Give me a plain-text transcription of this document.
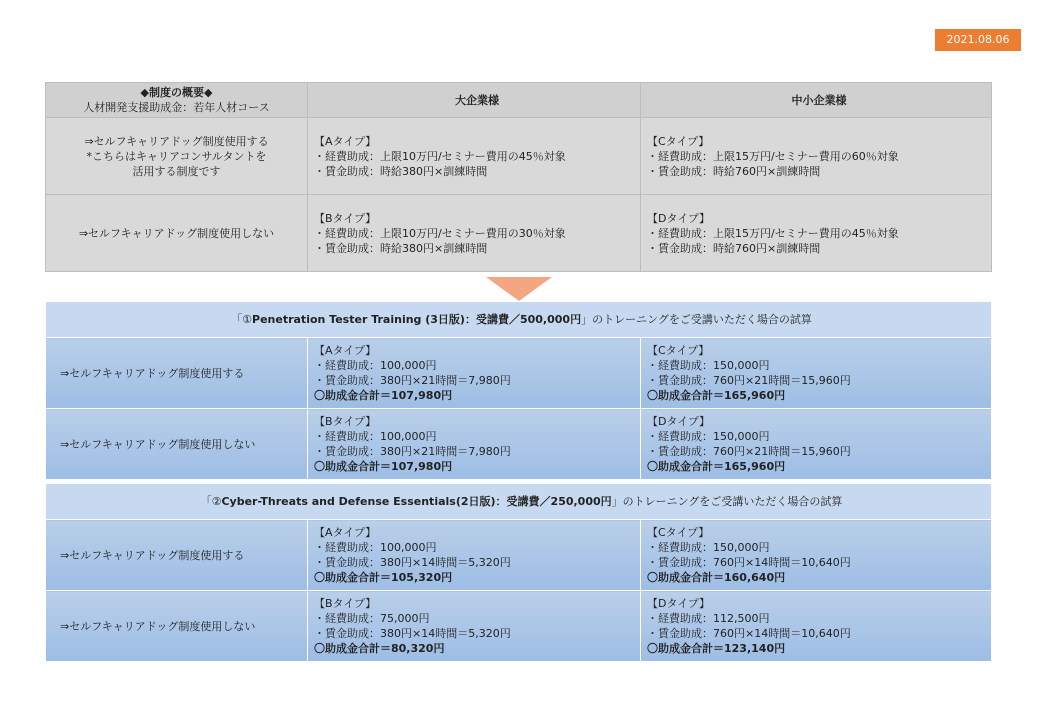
2021.08.06
◆制度の概要◆
人材開発支援助成金：若年人材コース	大企業様	中小企業様

⇒セルフキャリアドッグ制度使用する
*こちらはキャリアコンサルタントを
活用する制度です	【Aタイプ】
・経費助成：上限10万円/セミナー費用の45％対象
・賃金助成：時給380円×訓練時間	【Cタイプ】
・経費助成：上限15万円/セミナー費用の60％対象
・賃金助成：時給760円×訓練時間

⇒セルフキャリアドッグ制度使用しない	【Bタイプ】
・経費助成：上限10万円/セミナー費用の30％対象
・賃金助成：時給380円×訓練時間	【Dタイプ】
・経費助成：上限15万円/セミナー費用の45％対象
・賃金助成：時給760円×訓練時間
「①Penetration Tester Training (3日版)：受講費／500,000円」のトレーニングをご受講いただく場合の試算		
⇒セルフキャリアドッグ制度使用する	【Aタイプ】
・経費助成：100,000円
・賃金助成：380円×21時間＝7,980円
〇助成金合計＝107,980円	【Cタイプ】
・経費助成：150,000円
・賃金助成：760円×21時間＝15,960円
〇助成金合計＝165,960円

⇒セルフキャリアドッグ制度使用しない	【Bタイプ】
・経費助成：100,000円
・賃金助成：380円×21時間＝7,980円
〇助成金合計＝107,980円	【Dタイプ】
・経費助成：150,000円
・賃金助成：760円×21時間＝15,960円
〇助成金合計＝165,960円
「②Cyber-Threats and Defense Essentials(2日版)：受講費／250,000円」のトレーニングをご受講いただく場合の試算		
⇒セルフキャリアドッグ制度使用する	【Aタイプ】
・経費助成：100,000円
・賃金助成：380円×14時間＝5,320円
〇助成金合計＝105,320円	【Cタイプ】
・経費助成：150,000円
・賃金助成：760円×14時間＝10,640円
〇助成金合計＝160,640円

⇒セルフキャリアドッグ制度使用しない	【Bタイプ】
・経費助成：75,000円
・賃金助成：380円×14時間＝5,320円
〇助成金合計＝80,320円	【Dタイプ】
・経費助成：112,500円
・賃金助成：760円×14時間＝10,640円
〇助成金合計＝123,140円
